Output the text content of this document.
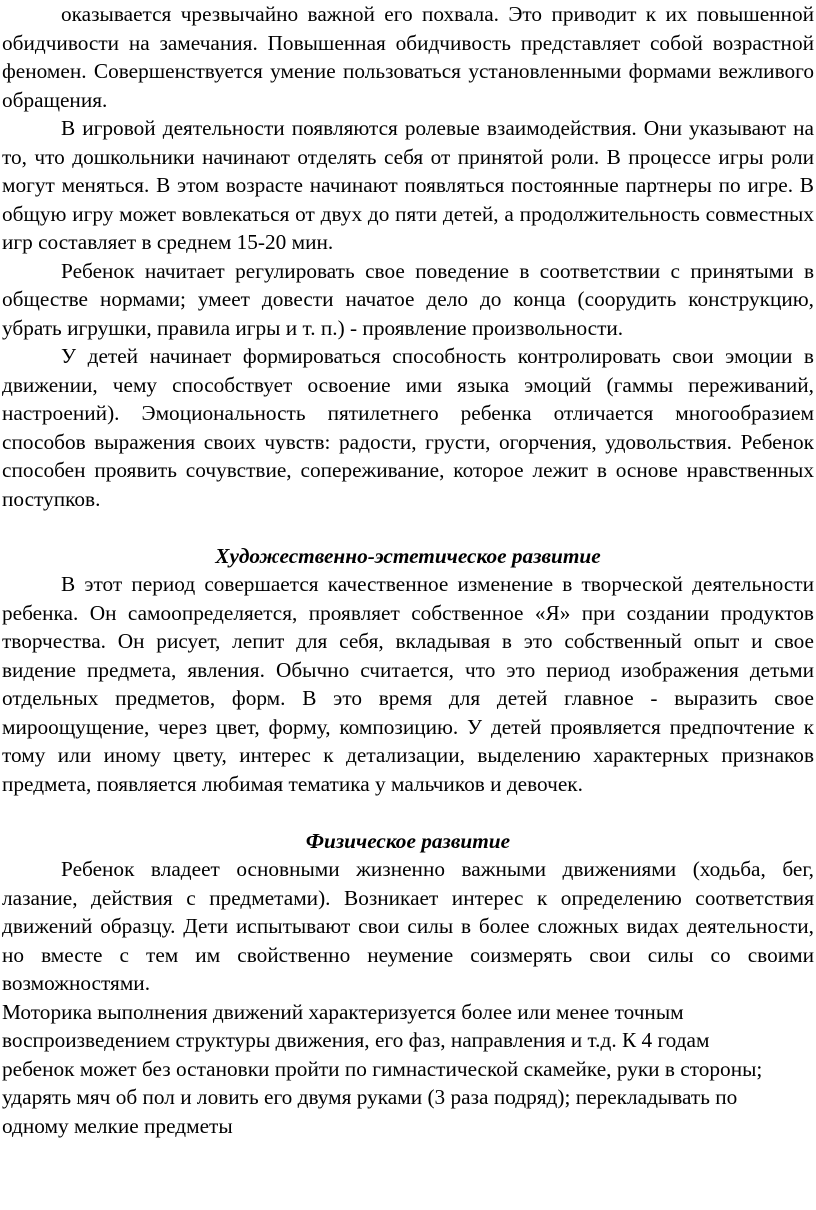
оказывается чрезвычайно важной его похвала. Это приводит к их повышенной обидчивости на замечания. Повышенная обидчивость представляет собой возрастной феномен. Совершенствуется умение пользоваться установленными формами вежливого обращения.

В игровой деятельности появляются ролевые взаимодействия. Они указывают на то, что дошкольники начинают отделять себя от принятой роли. В процессе игры роли могут меняться. В этом возрасте начинают появляться постоянные партнеры по игре. В общую игру может вовлекаться от двух до пяти детей, а продолжительность совместных игр составляет в среднем 15-20 мин.

Ребенок начитает регулировать свое поведение в соответствии с принятыми в обществе нормами; умеет довести начатое дело до конца (соорудить конструкцию, убрать игрушки, правила игры и т. п.) - проявление произвольности.

У детей начинает формироваться способность контролировать свои эмоции в движении, чему способствует освоение ими языка эмоций (гаммы переживаний, настроений). Эмоциональность пятилетнего ребенка отличается многообразием способов выражения своих чувств: радости, грусти, огорчения, удовольствия. Ребенок способен проявить сочувствие, сопереживание, которое лежит в основе нравственных поступков.

Художественно-эстетическое развитие

В этот период совершается качественное изменение в творческой деятельности ребенка. Он самоопределяется, проявляет собственное «Я» при создании продуктов творчества. Он рисует, лепит для себя, вкладывая в это собственный опыт и свое видение предмета, явления. Обычно считается, что это период изображения детьми отдельных предметов, форм. В это время для детей главное - выразить свое мироощущение, через цвет, форму, композицию. У детей проявляется предпочтение к тому или иному цвету, интерес к детализации, выделению характерных признаков предмета, появляется любимая тематика у мальчиков и девочек.

Физическое развитие

Ребенок владеет основными жизненно важными движениями (ходьба, бег, лазание, действия с предметами). Возникает интерес к определению соответствия движений образцу. Дети испытывают свои силы в более сложных видах деятельности, но вместе с тем им свойственно неумение соизмерять свои силы со своими возможностями.

Моторика выполнения движений характеризуется более или менее точным воспроизведением структуры движения, его фаз, направления и т.д. К 4 годам ребенок может без остановки пройти по гимнастической скамейке, руки в стороны; ударять мяч об пол и ловить его двумя руками (3 раза подряд); перекладывать по одному мелкие предметы
